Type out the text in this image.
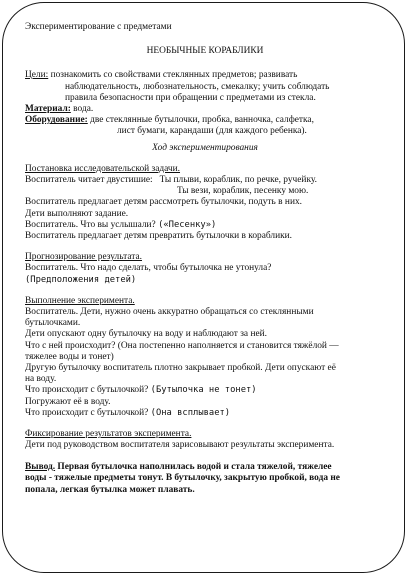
Экспериментирование с предметами

НЕОБЫЧНЫЕ КОРАБЛИКИ

Цели: познакомить со свойствами стеклянных предметов; развивать

наблюдательность, любознательность, смекалку; учить соблюдать

правила безопасности при обращении с предметами из стекла.

Материал: вода.

Оборудование: две стеклянные бутылочки, пробка, ванночка, салфетка,

лист бумаги, карандаши (для каждого ребенка).

Ход экспериментирования

Постановка исследовательской задачи.

Воспитатель читает двустишие:   Ты плыви, кораблик, по речке, ручейку.

Ты вези, кораблик, песенку мою.

Воспитатель предлагает детям рассмотреть бутылочки, подуть в них.

Дети выполняют задание.

Воспитатель. Что вы услышали? («Песенку»)

Воспитатель предлагает детям превратить бутылочки в кораблики.

Прогнозирование результата.

Воспитатель. Что надо сделать, чтобы бутылочка не утонула?

(Предположения детей)

Выполнение эксперимента.

Воспитатель. Дети, нужно очень аккуратно обращаться со стеклянными

бутылочками.

Дети опускают одну бутылочку на воду и наблюдают за ней.

Что с ней происходит? (Она постепенно наполняется и становится тяжёлой —

тяжелее воды и тонет)

Другую бутылочку воспитатель плотно закрывает пробкой. Дети опускают её

на воду.

Что происходит с бутылочкой? (Бутылочка не тонет)

Погружают её в воду.

Что происходит с бутылочкой? (Она всплывает)

Фиксирование результатов эксперимента.

Дети под руководством воспитателя зарисовывают результаты эксперимента.

Вывод. Первая бутылочка наполнилась водой и стала тяжелой, тяжелее

воды - тяжелые предметы тонут. В бутылочку, закрытую пробкой, вода не

попала, легкая бутылка может плавать.
